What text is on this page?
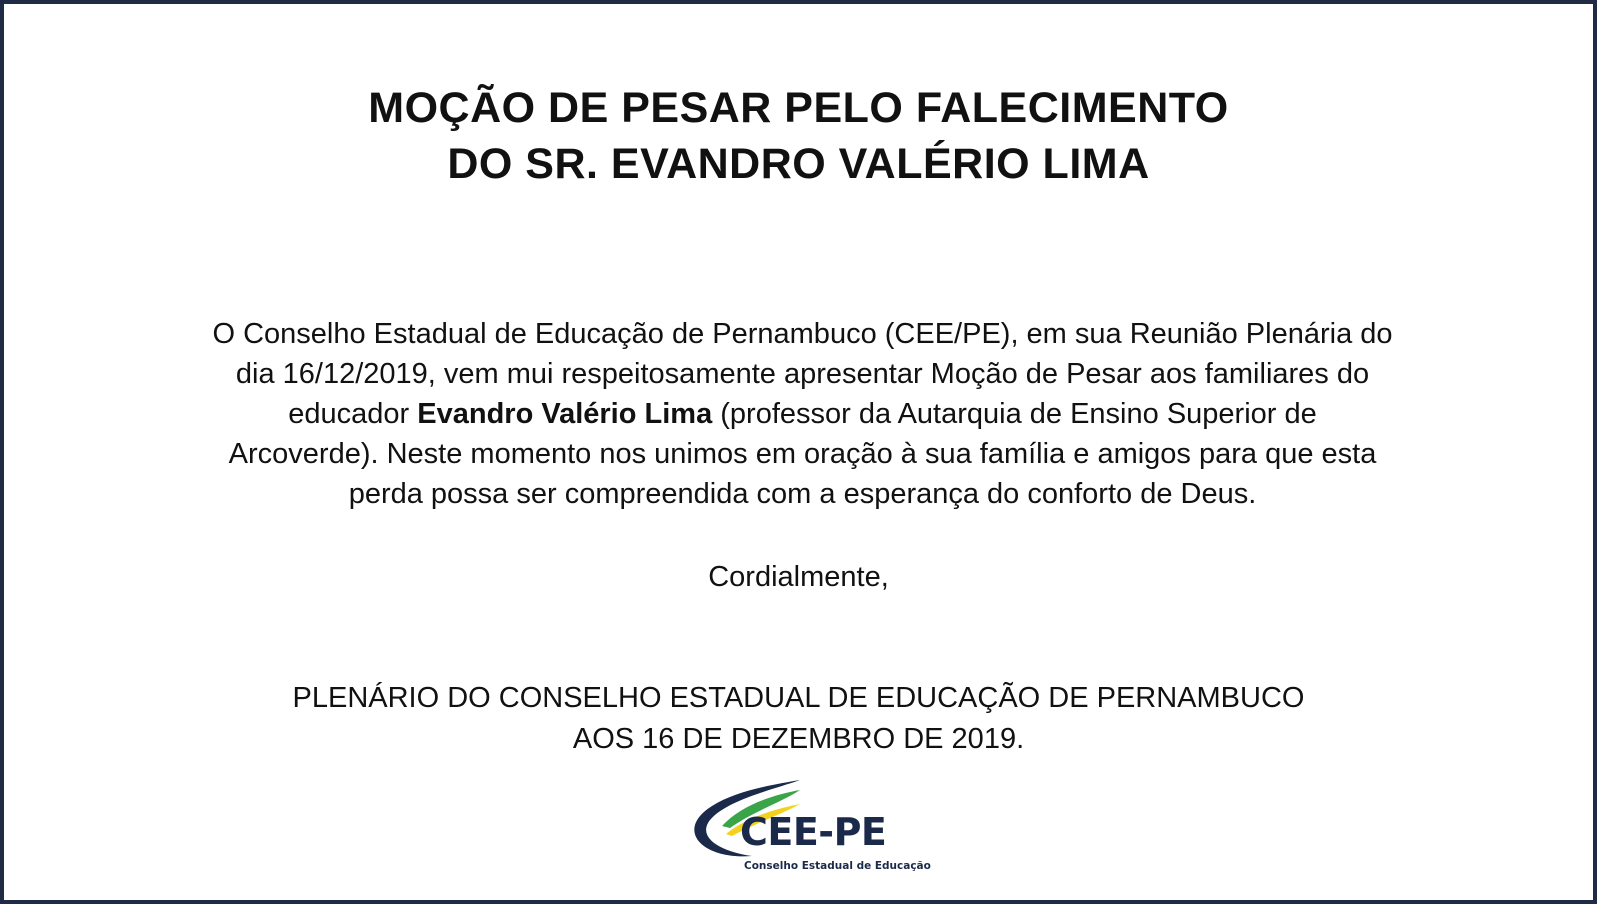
MOÇÃO DE PESAR PELO FALECIMENTO
DO SR. EVANDRO VALÉRIO LIMA
O Conselho Estadual de Educação de Pernambuco (CEE/PE), em sua Reunião Plenária do
dia 16/12/2019, vem mui respeitosamente apresentar Moção de Pesar aos familiares do
educador Evandro Valério Lima (professor da Autarquia de Ensino Superior de
Arcoverde). Neste momento nos unimos em oração à sua família e amigos para que esta
perda possa ser compreendida com a esperança do conforto de Deus.
Cordialmente,
PLENÁRIO DO CONSELHO ESTADUAL DE EDUCAÇÃO DE PERNAMBUCO
AOS 16 DE DEZEMBRO DE 2019.
CEE-PE
Conselho Estadual de Educação
